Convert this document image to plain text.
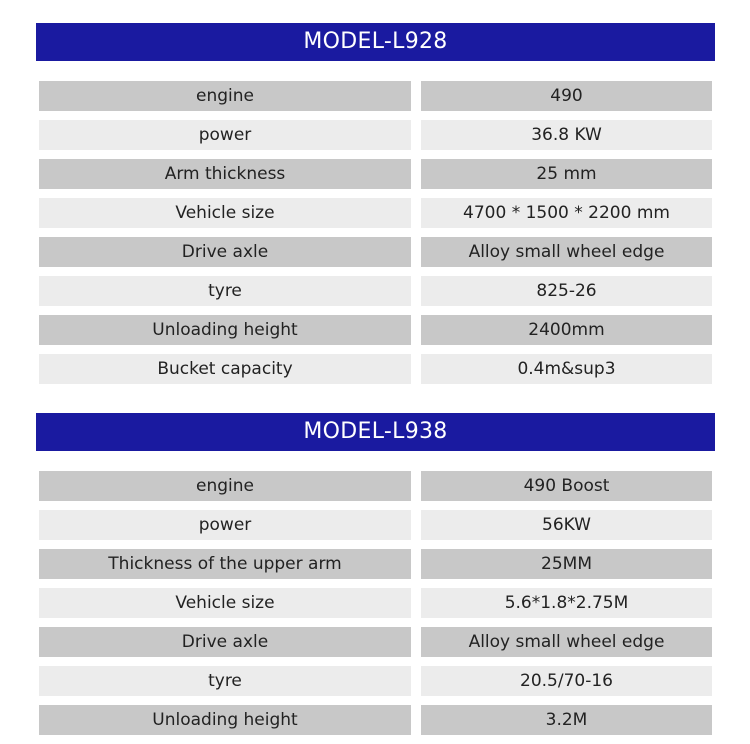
MODEL-L928
engine	490
power	36.8 KW
Arm thickness	25 mm
Vehicle size	4700 * 1500 * 2200 mm
Drive axle	Alloy small wheel edge
tyre	825-26
Unloading height	2400mm
Bucket capacity	0.4m&sup3
MODEL-L938
engine	490 Boost
power	56KW
Thickness of the upper arm	25MM
Vehicle size	5.6*1.8*2.75M
Drive axle	Alloy small wheel edge
tyre	20.5/70-16
Unloading height	3.2M
